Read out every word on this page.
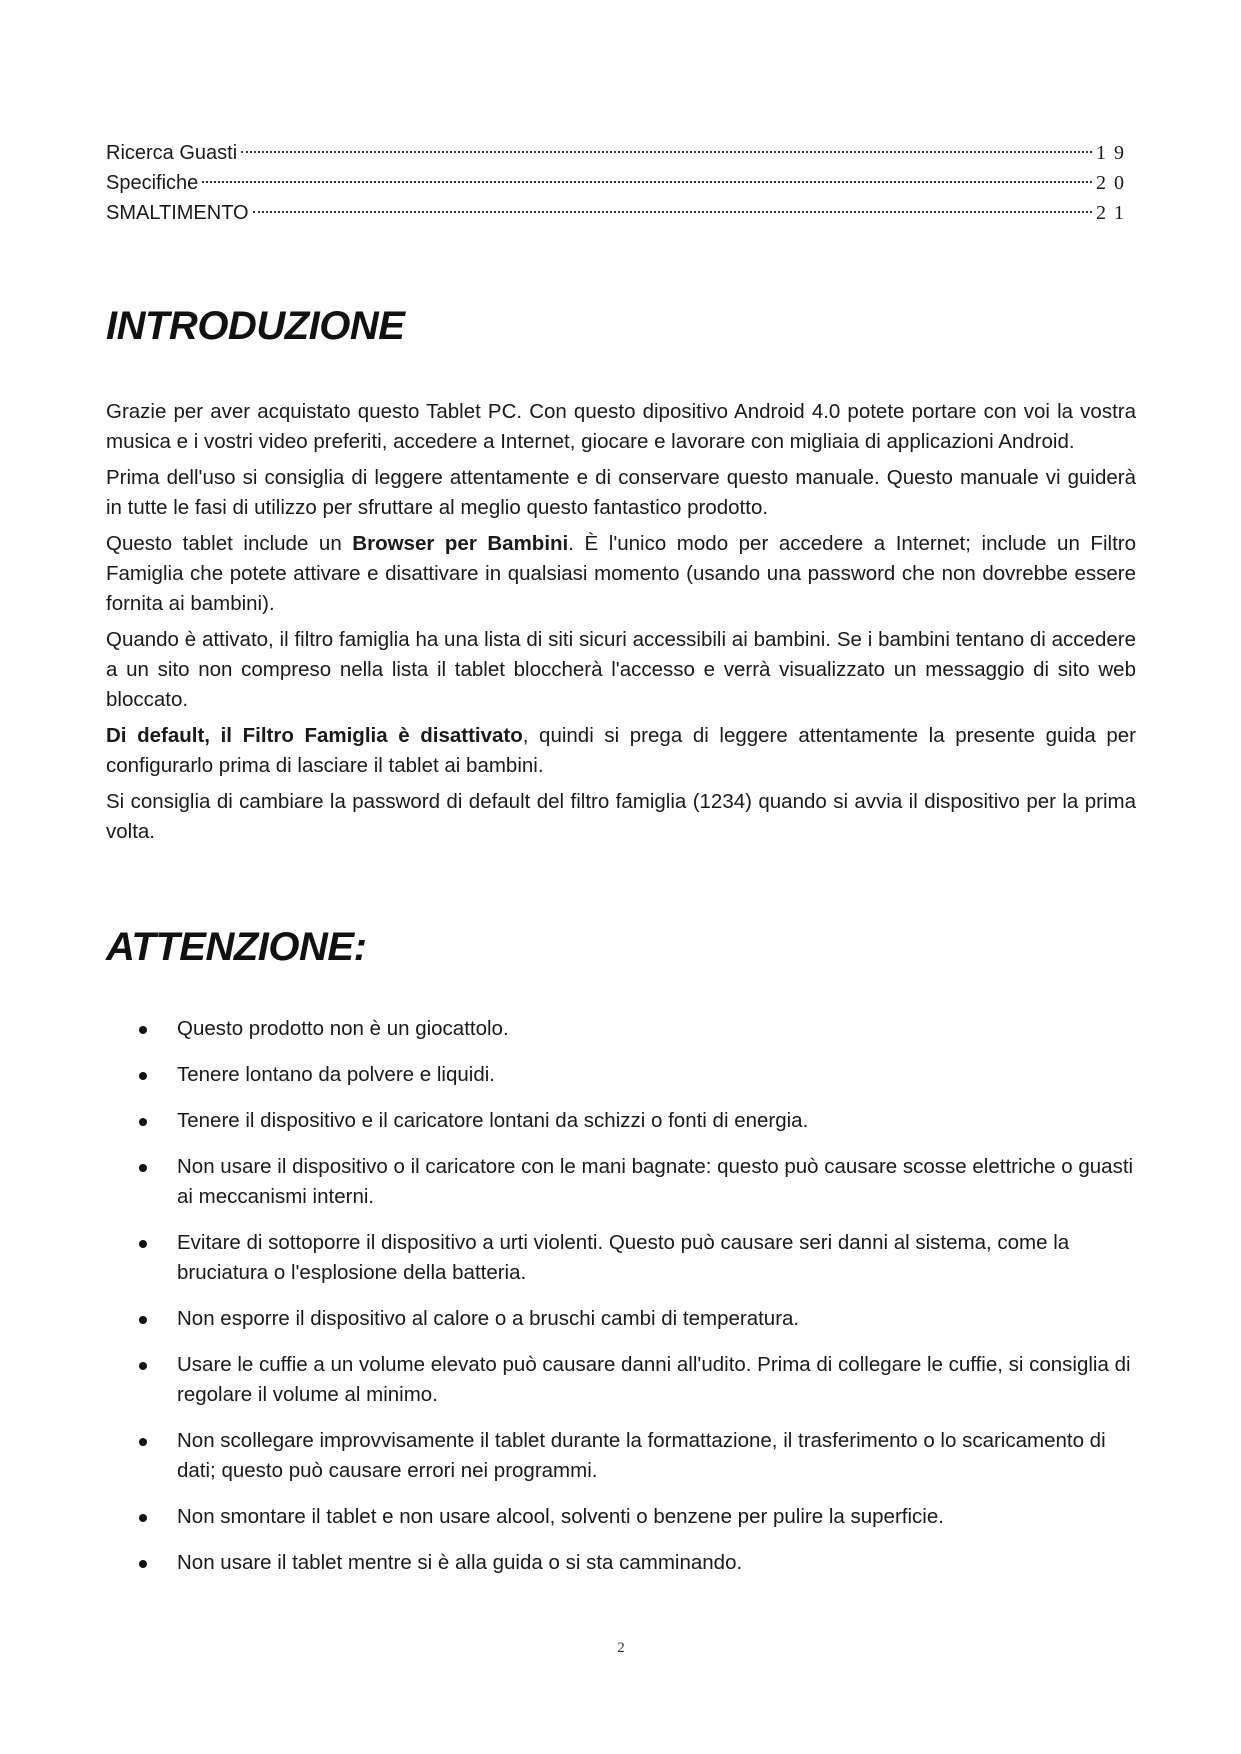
Ricerca Guasti	19
Specifiche	20
SMALTIMENTO	21
INTRODUZIONE

Grazie per aver acquistato questo Tablet PC. Con questo dipositivo Android 4.0 potete portare con voi la vostra musica e i vostri video preferiti, accedere a Internet, giocare e lavorare con migliaia di applicazioni Android.

Prima dell'uso si consiglia di leggere attentamente e di conservare questo manuale. Questo manuale vi guiderà in tutte le fasi di utilizzo per sfruttare al meglio questo fantastico prodotto.

Questo tablet include un Browser per Bambini. È l'unico modo per accedere a Internet; include un Filtro Famiglia che potete attivare e disattivare in qualsiasi momento (usando una password che non dovrebbe essere fornita ai bambini).

Quando è attivato, il filtro famiglia ha una lista di siti sicuri accessibili ai bambini. Se i bambini tentano di accedere a un sito non compreso nella lista il tablet bloccherà l'accesso e verrà visualizzato un messaggio di sito web bloccato.

Di default, il Filtro Famiglia è disattivato, quindi si prega di leggere attentamente la presente guida per configurarlo prima di lasciare il tablet ai bambini.

Si consiglia di cambiare la password di default del filtro famiglia (1234) quando si avvia il dispositivo per la prima volta.

ATTENZIONE:
Questo prodotto non è un giocattolo.
Tenere lontano da polvere e liquidi.
Tenere il dispositivo e il caricatore lontani da schizzi o fonti di energia.
Non usare il dispositivo o il caricatore con le mani bagnate: questo può causare scosse elettriche o guasti ai meccanismi interni.
Evitare di sottoporre il dispositivo a urti violenti. Questo può causare seri danni al sistema, come la bruciatura o l'esplosione della batteria.
Non esporre il dispositivo al calore o a bruschi cambi di temperatura.
Usare le cuffie a un volume elevato può causare danni all'udito. Prima di collegare le cuffie, si consiglia di regolare il volume al minimo.
Non scollegare improvvisamente il tablet durante la formattazione, il trasferimento o lo scaricamento di dati; questo può causare errori nei programmi.
Non smontare il tablet e non usare alcool, solventi o benzene per pulire la superficie.
Non usare il tablet mentre si è alla guida o si sta camminando.
2
